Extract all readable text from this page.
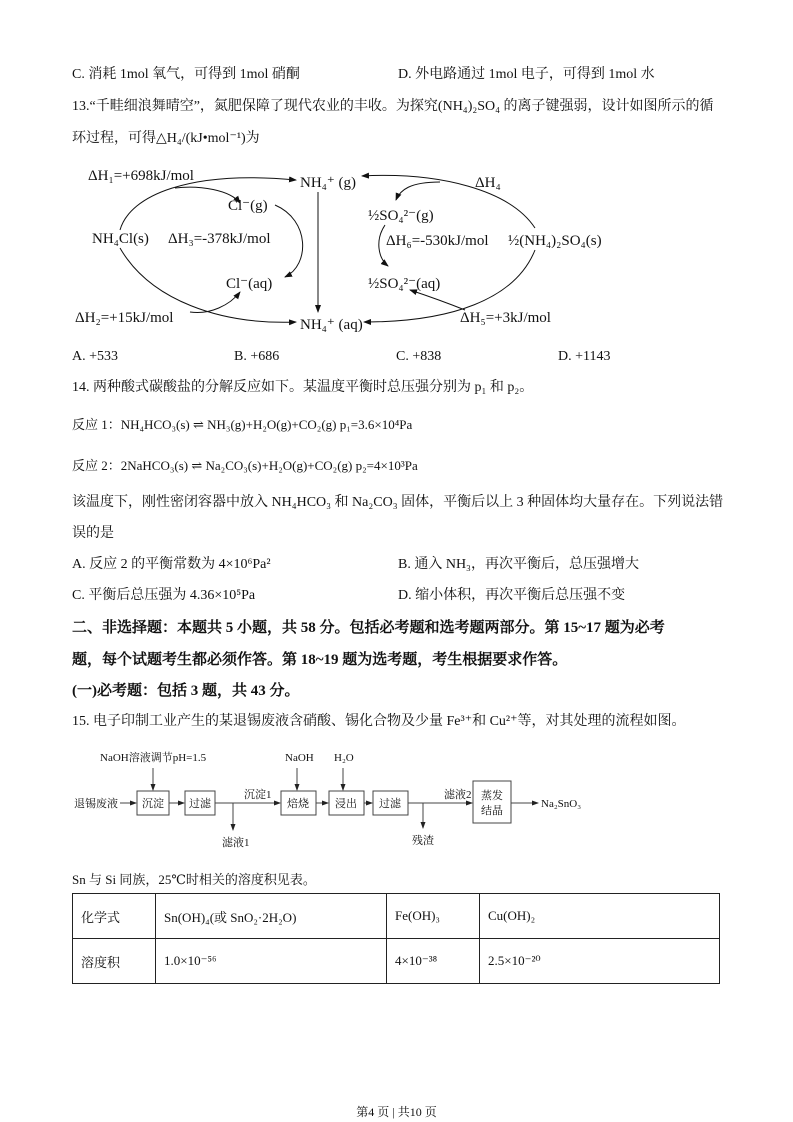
C. 消耗 1mol 氧气，可得到 1mol 硝酮	D. 外电路通过 1mol 电子，可得到 1mol 水
13.“千畦细浪舞晴空”，氮肥保障了现代农业的丰收。为探究(NH₄)₂SO₄ 的离子键强弱，设计如图所示的循
环过程，可得△H₄/(kJ•mol⁻¹)为
ΔH₁=+698kJ/mol	NH₄⁺ (g)
Cl⁻(g)
NH₄Cl(s) ΔH₃=-378kJ/mol
Cl⁻(aq)
ΔH₂=+15kJ/mol	NH₄⁺ (aq)
ΔH₄
½SO₄²⁻(g)
ΔH₆=-530kJ/mol ½(NH₄)₂SO₄(s)
½SO₄²⁻(aq)
ΔH₅=+3kJ/mol
A. +533	B. +686	C. +838	D. +1143
14. 两种酸式碳酸盐的分解反应如下。某温度平衡时总压强分别为 p₁ 和 p₂。
反应 1：NH₄HCO₃(s) ⇌ NH₃(g)+H₂O(g)+CO₂(g) p₁=3.6×10⁴Pa
反应 2：2NaHCO₃(s) ⇌ Na₂CO₃(s)+H₂O(g)+CO₂(g) p₂=4×10³Pa
该温度下，刚性密闭容器中放入 NH₄HCO₃ 和 Na₂CO₃ 固体，平衡后以上 3 种固体均大量存在。下列说法错
误的是
A. 反应 2 的平衡常数为 4×10⁶Pa²	B. 通入 NH₃，再次平衡后，总压强增大
C. 平衡后总压强为 4.36×10⁵Pa	D. 缩小体积，再次平衡后总压强不变
二、非选择题：本题共 5 小题，共 58 分。包括必考题和选考题两部分。第 15~17 题为必考
题，每个试题考生都必须作答。第 18~19 题为选考题，考生根据要求作答。
(一)必考题：包括 3 题，共 43 分。
15. 电子印制工业产生的某退锡废液含硝酸、锡化合物及少量 Fe³⁺和 Cu²⁺等，对其处理的流程如图。
退锡废液
NaOH溶液调节pH=1.5
沉淀 过滤
沉淀1
滤液1
NaOH
焙烧
H₂O
浸出 过滤
残渣
滤液2 蒸发
结晶
Na₂SnO₃
Sn 与 Si 同族，25℃时相关的溶度积见表。
化学式	Sn(OH)₄(或 SnO₂·2H₂O)	Fe(OH)₃	Cu(OH)₂
溶度积	1.0×10⁻⁵⁶	4×10⁻³⁸	2.5×10⁻²⁰
第4 页 | 共10 页
